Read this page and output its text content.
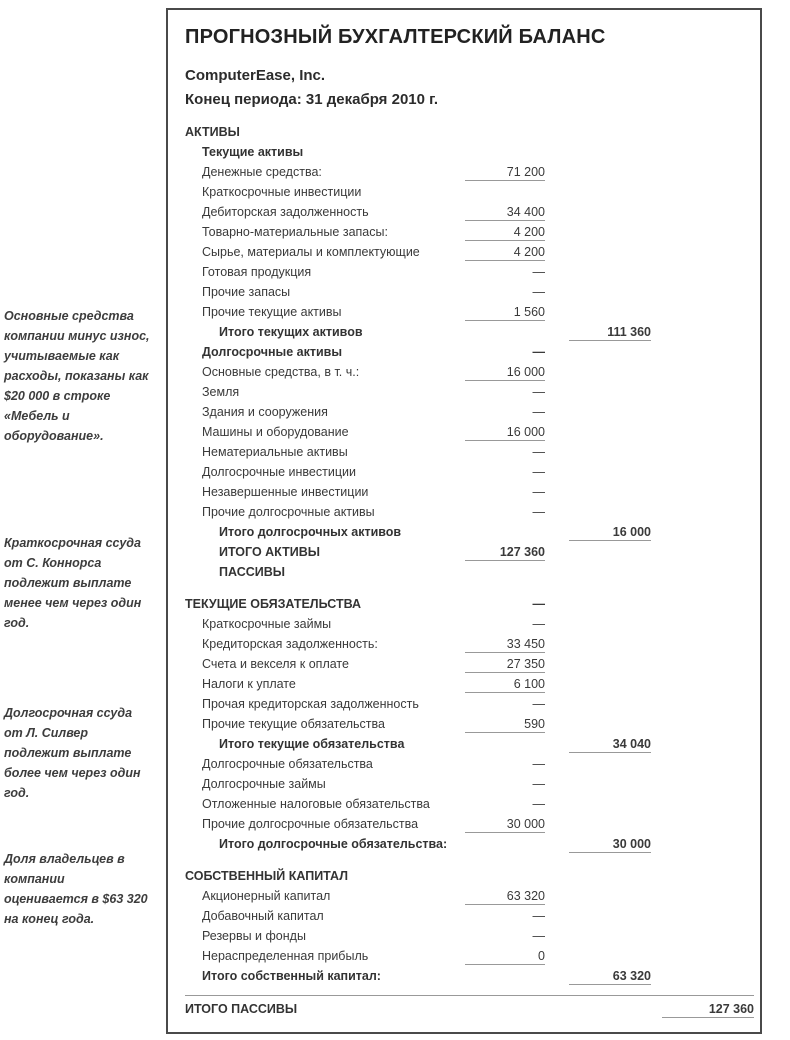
Основные средства компании минус износ, учитываемые как расходы, показаны как $20 000 в строке «Мебель и оборудование».
Краткосрочная ссуда от С. Коннорса подлежит выплате менее чем через один год.
Долгосрочная ссуда от Л. Силвер подлежит выплате более чем через один год.
Доля владельцев в компании оценивается в $63 320 на конец года.
ПРОГНОЗНЫЙ БУХГАЛТЕРСКИЙ БАЛАНС
ComputerEase, Inc.
Конец периода: 31 декабря 2010 г.
АКТИВЫ
Текущие активы
Денежные средства:	71 200
Краткосрочные инвестиции
Дебиторская задолженность	34 400
Товарно-материальные запасы:	4 200
Сырье, материалы и комплектующие	4 200
Готовая продукция	—
Прочие запасы	—
Прочие текущие активы	1 560
Итого текущих активов	111 360
Долгосрочные активы	—
Основные средства, в т. ч.:	16 000
Земля	—
Здания и сооружения	—
Машины и оборудование	16 000
Нематериальные активы	—
Долгосрочные инвестиции	—
Незавершенные инвестиции	—
Прочие долгосрочные активы	—
Итого долгосрочных активов	16 000
ИТОГО АКТИВЫ	127 360
ПАССИВЫ
ТЕКУЩИЕ ОБЯЗАТЕЛЬСТВА	—
Краткосрочные займы	—
Кредиторская задолженность:	33 450
Счета и векселя к оплате	27 350
Налоги к уплате	6 100
Прочая кредиторская задолженность	—
Прочие текущие обязательства	590
Итого текущие обязательства	34 040
Долгосрочные обязательства	—
Долгосрочные займы	—
Отложенные налоговые обязательства	—
Прочие долгосрочные обязательства	30 000
Итого долгосрочные обязательства:	30 000
СОБСТВЕННЫЙ КАПИТАЛ
Акционерный капитал	63 320
Добавочный капитал	—
Резервы и фонды	—
Нераспределенная прибыль	0
Итого собственный капитал:	63 320
ИТОГО ПАССИВЫ	127 360
